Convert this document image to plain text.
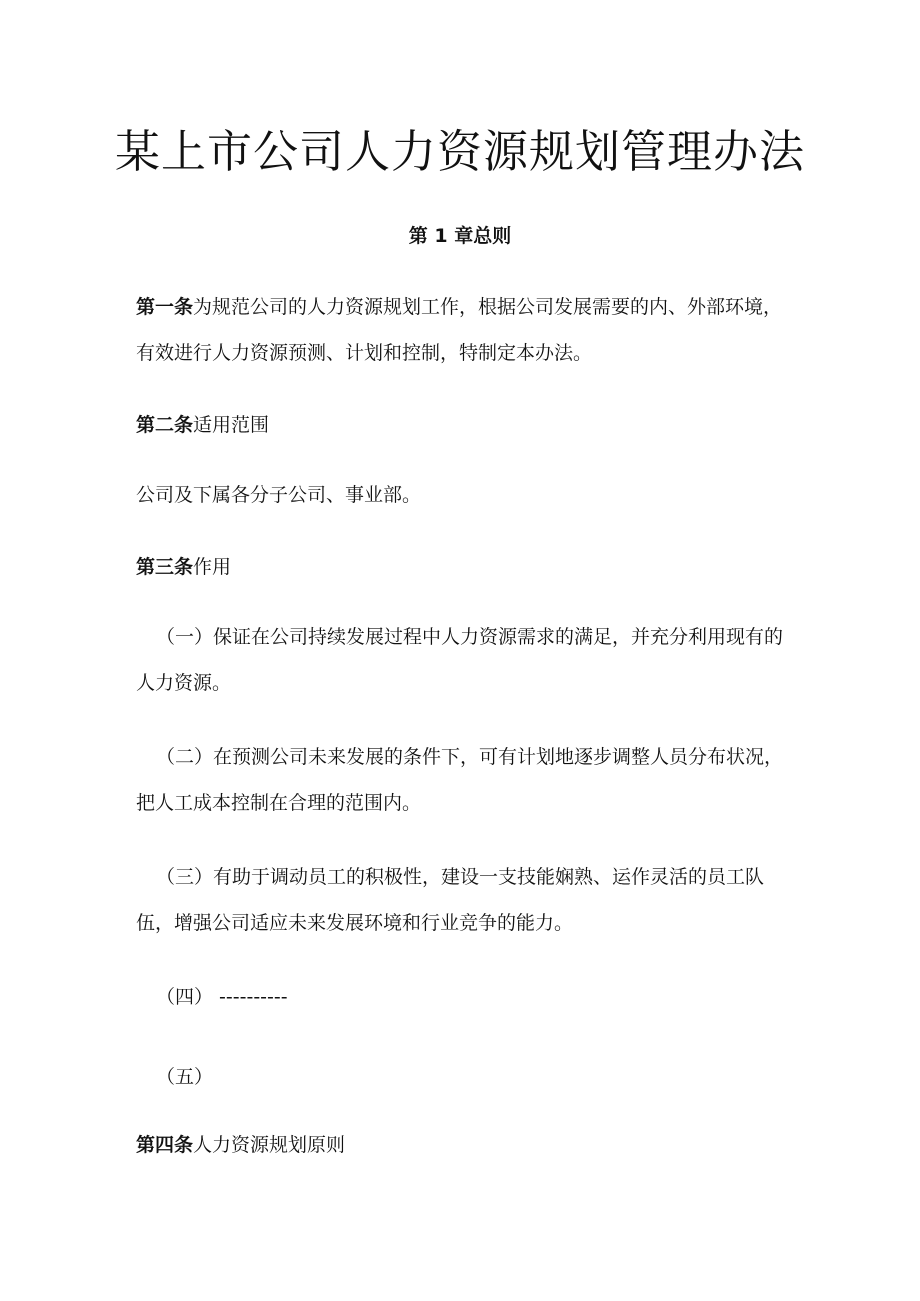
某上市公司人力资源规划管理办法
第 1 章总则
第一条为规范公司的人力资源规划工作，根据公司发展需要的内、外部环境，有效进行人力资源预测、计划和控制，特制定本办法。
第二条适用范围
公司及下属各分子公司、事业部。
第三条作用
（一）保证在公司持续发展过程中人力资源需求的满足，并充分利用现有的人力资源。
（二）在预测公司未来发展的条件下，可有计划地逐步调整人员分布状况，把人工成本控制在合理的范围内。
（三）有助于调动员工的积极性，建设一支技能娴熟、运作灵活的员工队伍，增强公司适应未来发展环境和行业竞争的能力。
（四） ----------
（五）
第四条人力资源规划原则
